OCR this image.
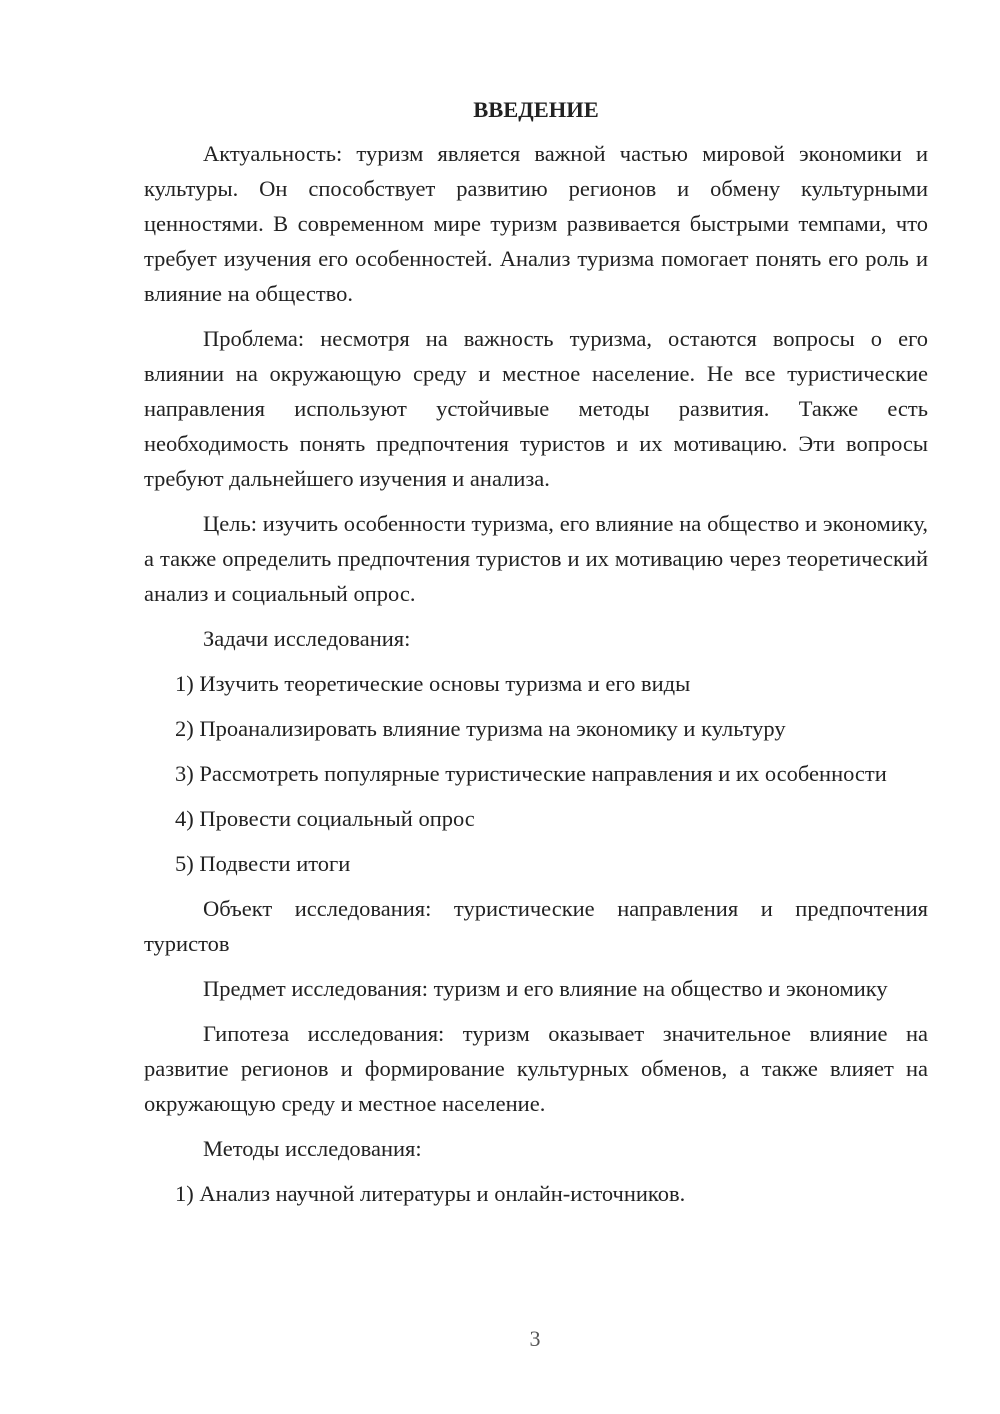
ВВЕДЕНИЕ

Актуальность: туризм является важной частью мировой экономики и культуры. Он способствует развитию регионов и обмену культурными ценностями. В современном мире туризм развивается быстрыми темпами, что требует изучения его особенностей. Анализ туризма помогает понять его роль и влияние на общество.

Проблема: несмотря на важность туризма, остаются вопросы о его влиянии на окружающую среду и местное население. Не все туристические направления используют устойчивые методы развития. Также есть необходимость понять предпочтения туристов и их мотивацию. Эти вопросы требуют дальнейшего изучения и анализа.

Цель: изучить особенности туризма, его влияние на общество и экономику, а также определить предпочтения туристов и их мотивацию через теоретический анализ и социальный опрос.

Задачи исследования:

1) Изучить теоретические основы туризма и его виды

2) Проанализировать влияние туризма на экономику и культуру

3) Рассмотреть популярные туристические направления и их особенности

4) Провести социальный опрос

5) Подвести итоги

Объект исследования: туристические направления и предпочтения туристов

Предмет исследования: туризм и его влияние на общество и экономику

Гипотеза исследования: туризм оказывает значительное влияние на развитие регионов и формирование культурных обменов, а также влияет на окружающую среду и местное население.

Методы исследования:

1) Анализ научной литературы и онлайн-источников.

3
